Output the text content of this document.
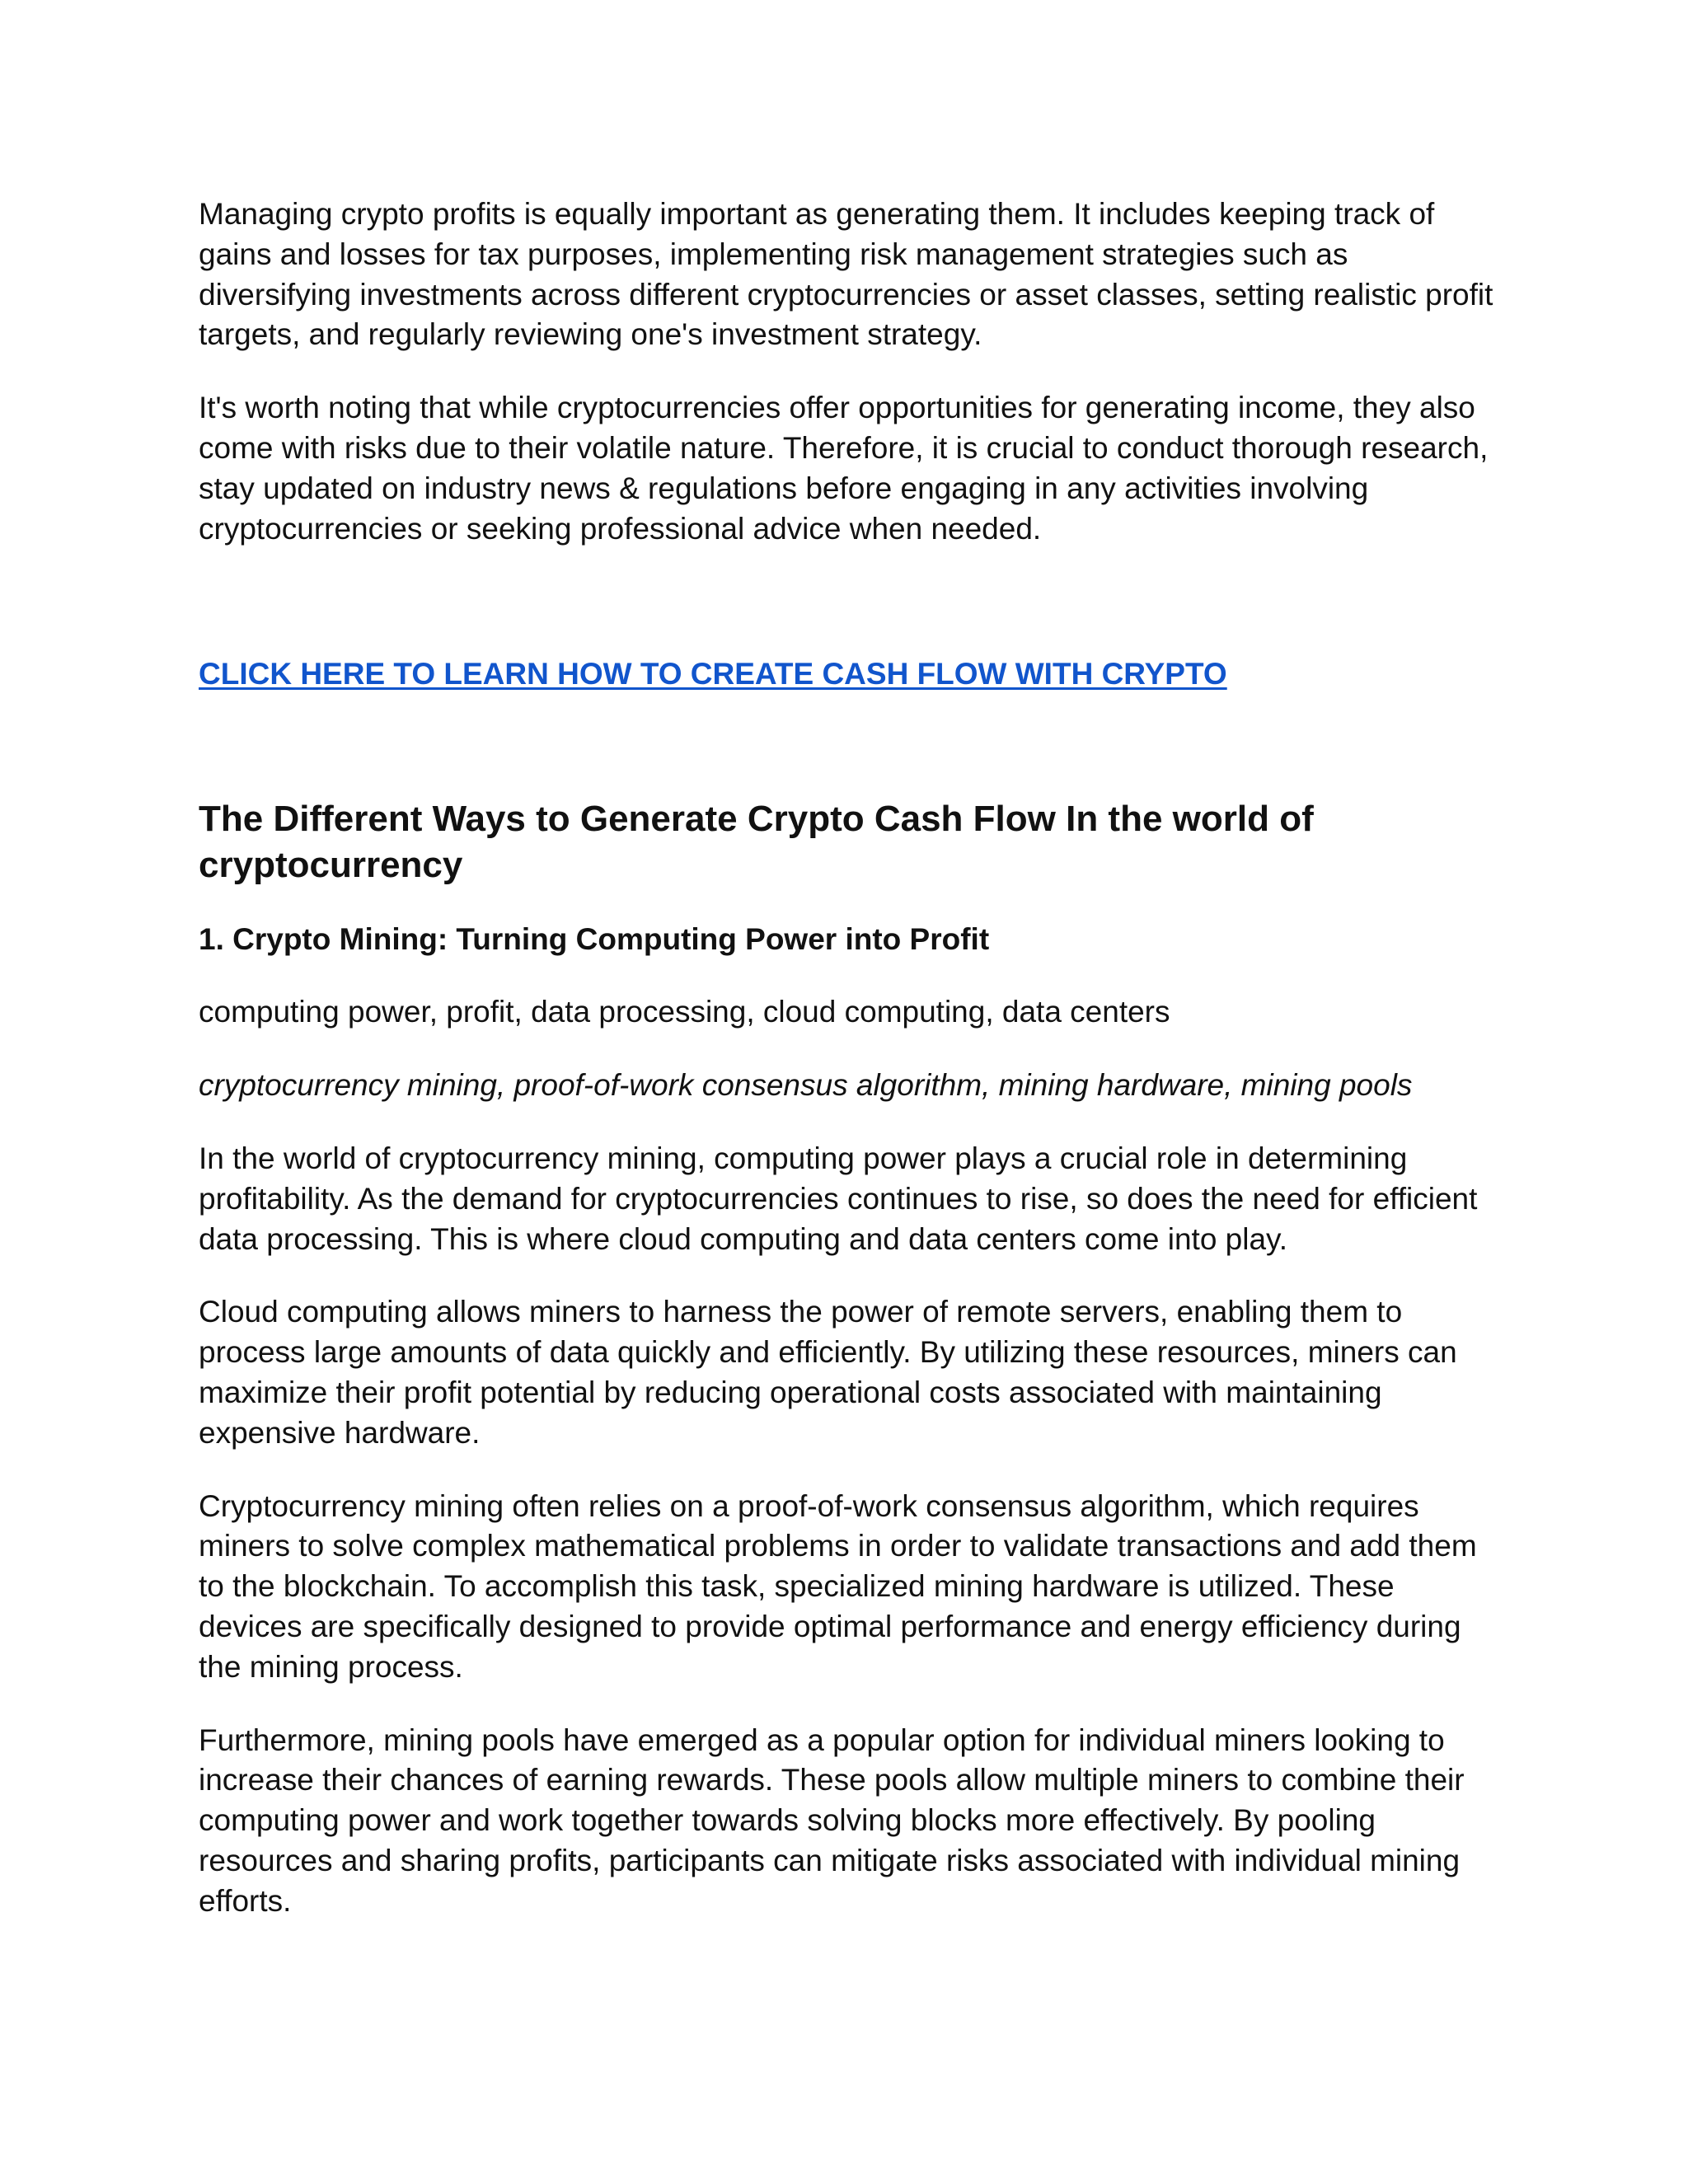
Managing crypto profits is equally important as generating them. It includes keeping track of gains and losses for tax purposes, implementing risk management strategies such as diversifying investments across different cryptocurrencies or asset classes, setting realistic profit targets, and regularly reviewing one's investment strategy.

It's worth noting that while cryptocurrencies offer opportunities for generating income, they also come with risks due to their volatile nature. Therefore, it is crucial to conduct thorough research, stay updated on industry news & regulations before engaging in any activities involving cryptocurrencies or seeking professional advice when needed.

CLICK HERE TO LEARN HOW TO CREATE CASH FLOW WITH CRYPTO
The Different Ways to Generate Crypto Cash Flow In the world of cryptocurrency
1. Crypto Mining: Turning Computing Power into Profit

computing power, profit, data processing, cloud computing, data centers

cryptocurrency mining, proof-of-work consensus algorithm, mining hardware, mining pools

In the world of cryptocurrency mining, computing power plays a crucial role in determining profitability. As the demand for cryptocurrencies continues to rise, so does the need for efficient data processing. This is where cloud computing and data centers come into play.

Cloud computing allows miners to harness the power of remote servers, enabling them to process large amounts of data quickly and efficiently. By utilizing these resources, miners can maximize their profit potential by reducing operational costs associated with maintaining expensive hardware.

Cryptocurrency mining often relies on a proof-of-work consensus algorithm, which requires miners to solve complex mathematical problems in order to validate transactions and add them to the blockchain. To accomplish this task, specialized mining hardware is utilized. These devices are specifically designed to provide optimal performance and energy efficiency during the mining process.

Furthermore, mining pools have emerged as a popular option for individual miners looking to increase their chances of earning rewards. These pools allow multiple miners to combine their computing power and work together towards solving blocks more effectively. By pooling resources and sharing profits, participants can mitigate risks associated with individual mining efforts.
